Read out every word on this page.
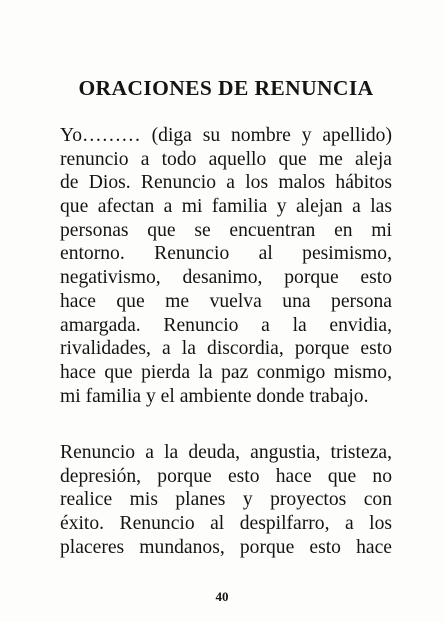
ORACIONES DE RENUNCIA
Yo……… (diga su nombre y apellido)
renuncio a todo aquello que me aleja
de Dios. Renuncio a los malos hábitos
que afectan a mi familia y alejan a las
personas que se encuentran en mi
entorno. Renuncio al pesimismo,
negativismo, desanimo, porque esto
hace que me vuelva una persona
amargada. Renuncio a la envidia,
rivalidades, a la discordia, porque esto
hace que pierda la paz conmigo mismo,
mi familia y el ambiente donde trabajo.
Renuncio a la deuda, angustia, tristeza,
depresión, porque esto hace que no
realice mis planes y proyectos con
éxito. Renuncio al despilfarro, a los
placeres mundanos, porque esto hace
40
